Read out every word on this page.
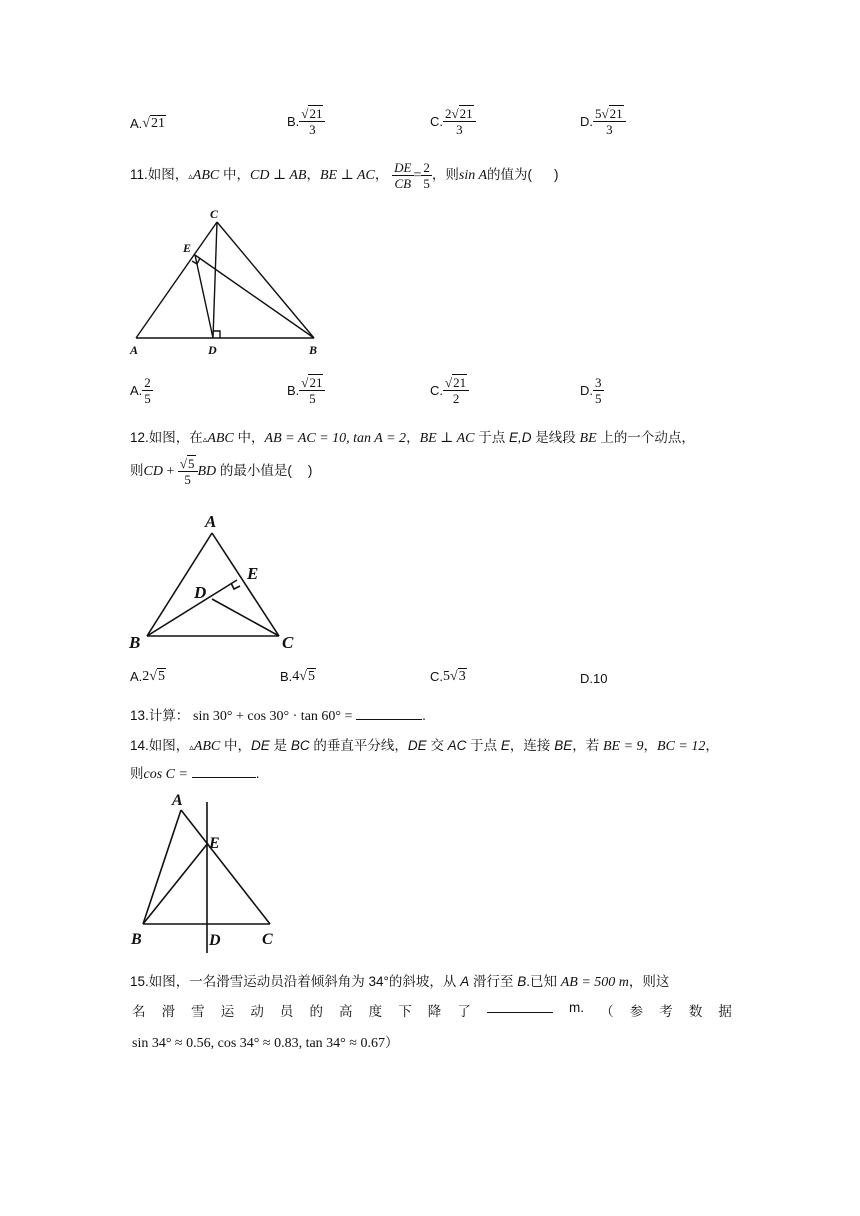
A.√21	B. $\frac{√21}{3}$	C. $\frac{2√21}{3}$	D. $\frac{5√21}{3}$
11.如图，▵ABC 中，CD ⊥ AB，BE ⊥ AC， $\frac{DE}{CB} = \frac{2}{5}$ ，则sin A的值为( )
C
E
A	D	B
A. $\frac{2}{5}$	B. $\frac{√21}{5}$	C. $\frac{√21}{2}$	D. $\frac{3}{5}$
12.如图，在▵ABC 中，AB = AC = 10, tan A = 2，BE ⊥ AC 于点 E,D 是线段 BE 上的一个动点，
则CD + $\frac{√5}{5}$ BD 的最小值是( )
A
E
D
B	C
A.2√5	B.4√5	C.5√3	D.10
13.计算： sin 30° + cos 30° · tan 60° =	.
14.如图，▵ABC 中，DE 是 BC 的垂直平分线，DE 交 AC 于点 E，连接 BE，若 BE = 9，BC = 12，
则cos C =	.
A
E
B	D	C
15.如图，一名滑雪运动员沿着倾斜角为 34°的斜坡，从 A 滑行至 B.已知 AB = 500 m，则这
名 滑 雪 运 动 员 的 高 度 下 降 了	m. （ 参 考 数 据
sin 34° ≈ 0.56, cos 34° ≈ 0.83, tan 34° ≈ 0.67）
